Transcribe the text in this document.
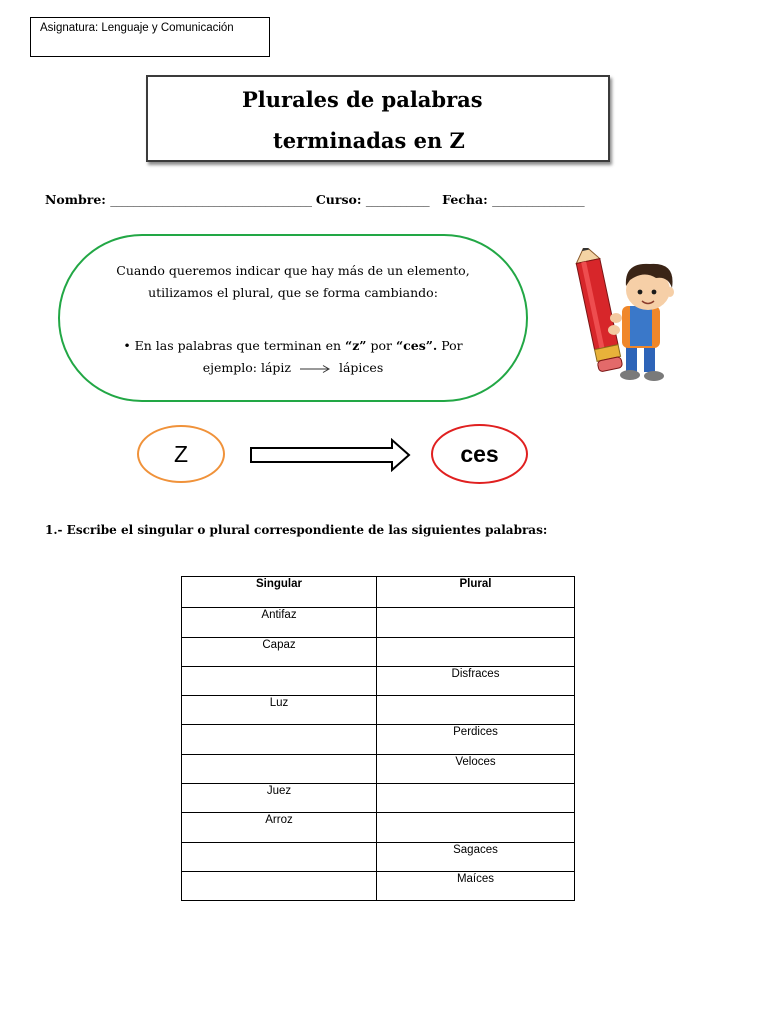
Asignatura: Lenguaje y Comunicación
Plurales de palabras
terminadas en Z
Nombre: ___________________________________ Curso: ___________ Fecha: ________________
Cuando queremos indicar que hay más de un elemento, utilizamos el plural, que se forma cambiando:
• En las palabras que terminan en “z” por “ces”. Por
ejemplo: lápiz	lápices
Z	ces
1.- Escribe el singular o plural correspondiente de las siguientes palabras:
Singular	Plural
Antifaz	
Capaz	
	Disfraces
Luz	
	Perdices
	Veloces
Juez	
Arroz	
	Sagaces
	Maíces
